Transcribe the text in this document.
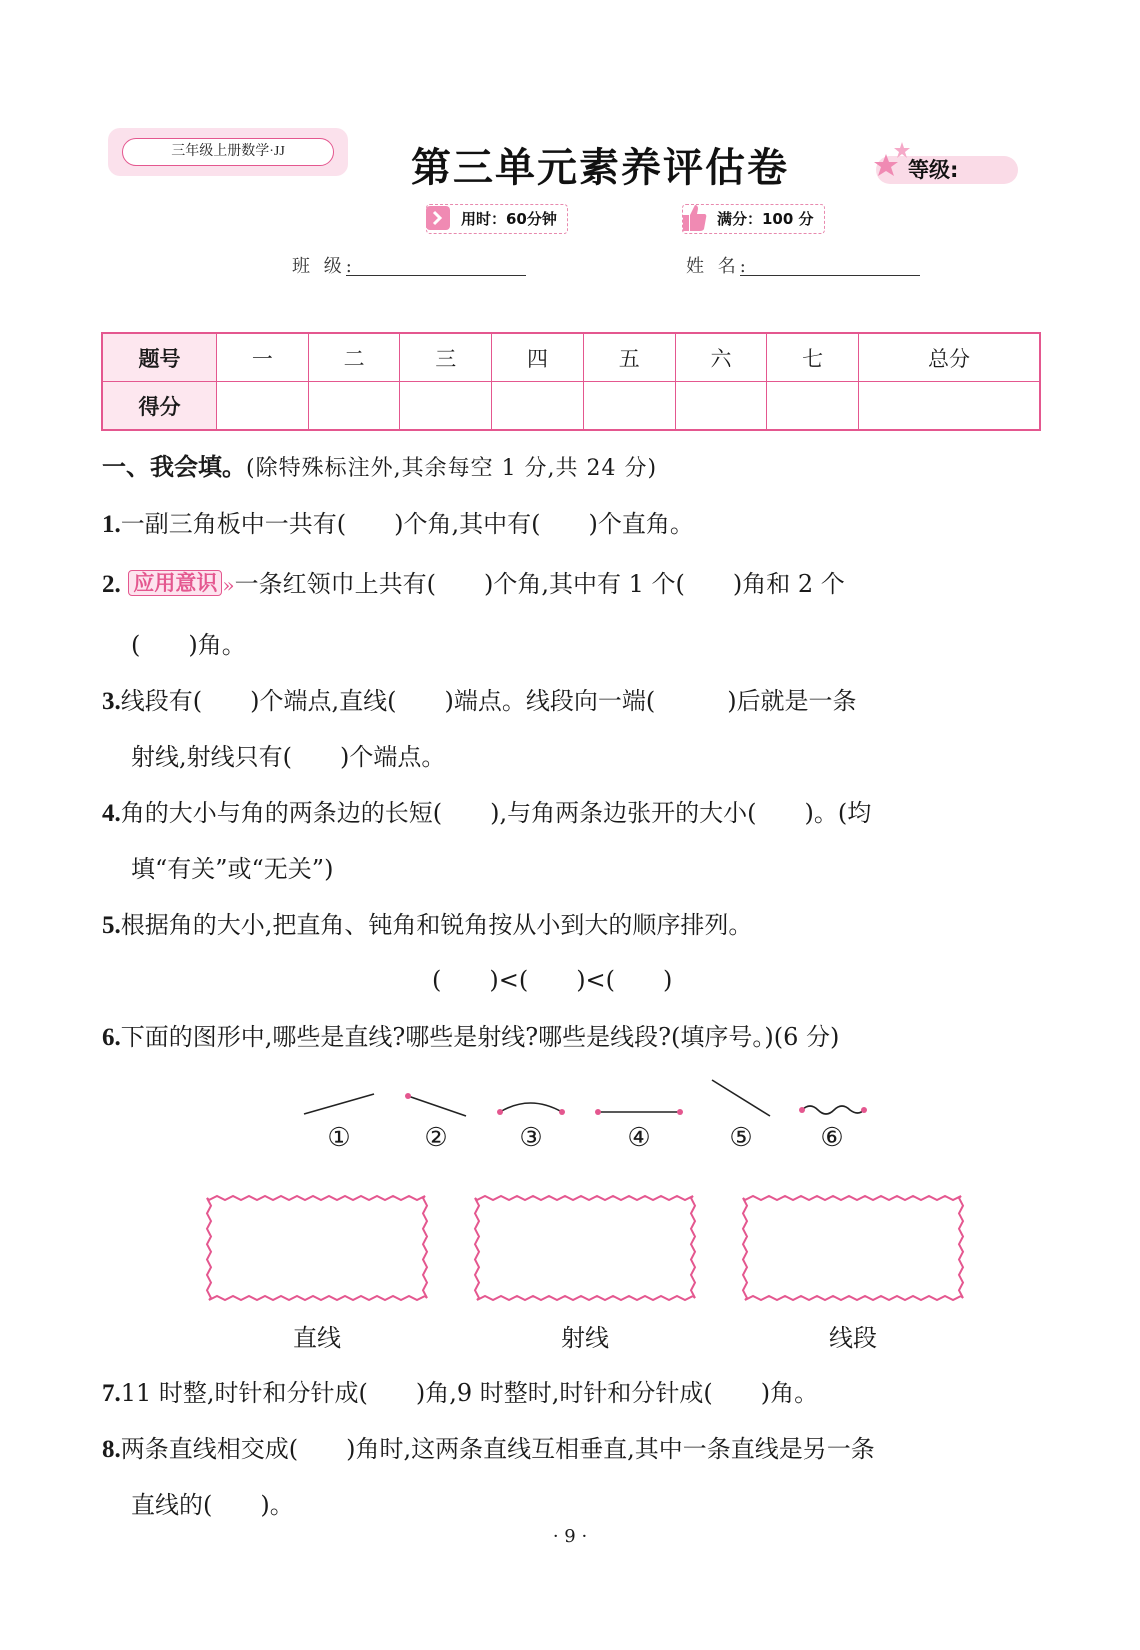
三年级上册数学·JJ	第三单元素养评估卷	等级:
用时：60分钟	满分：100 分
班 级:	姓 名:
题号	一	二	三	四	五	六	七	总分
得分								
一、我会填。(除特殊标注外,其余每空 1 分,共 24 分)
1.一副三角板中一共有(　　)个角,其中有(　　)个直角。
2. 应用意识 »一条红领巾上共有(　　)个角,其中有 1 个(　　)角和 2 个
(　　)角。
3.线段有(　　)个端点,直线(　　)端点。线段向一端(　　　)后就是一条
射线,射线只有(　　)个端点。
4.角的大小与角的两条边的长短(　　),与角两条边张开的大小(　　)。(均
填“有关”或“无关”)
5.根据角的大小,把直角、钝角和锐角按从小到大的顺序排列。
(　　)<(　　)<(　　)
6.下面的图形中,哪些是直线?哪些是射线?哪些是线段?(填序号。)(6 分)
①	②	③	④	⑤	⑥
直线	射线	线段
7.11 时整,时针和分针成(　　)角,9 时整时,时针和分针成(　　)角。
8.两条直线相交成(　　)角时,这两条直线互相垂直,其中一条直线是另一条
直线的(　　)。
· 9 ·
